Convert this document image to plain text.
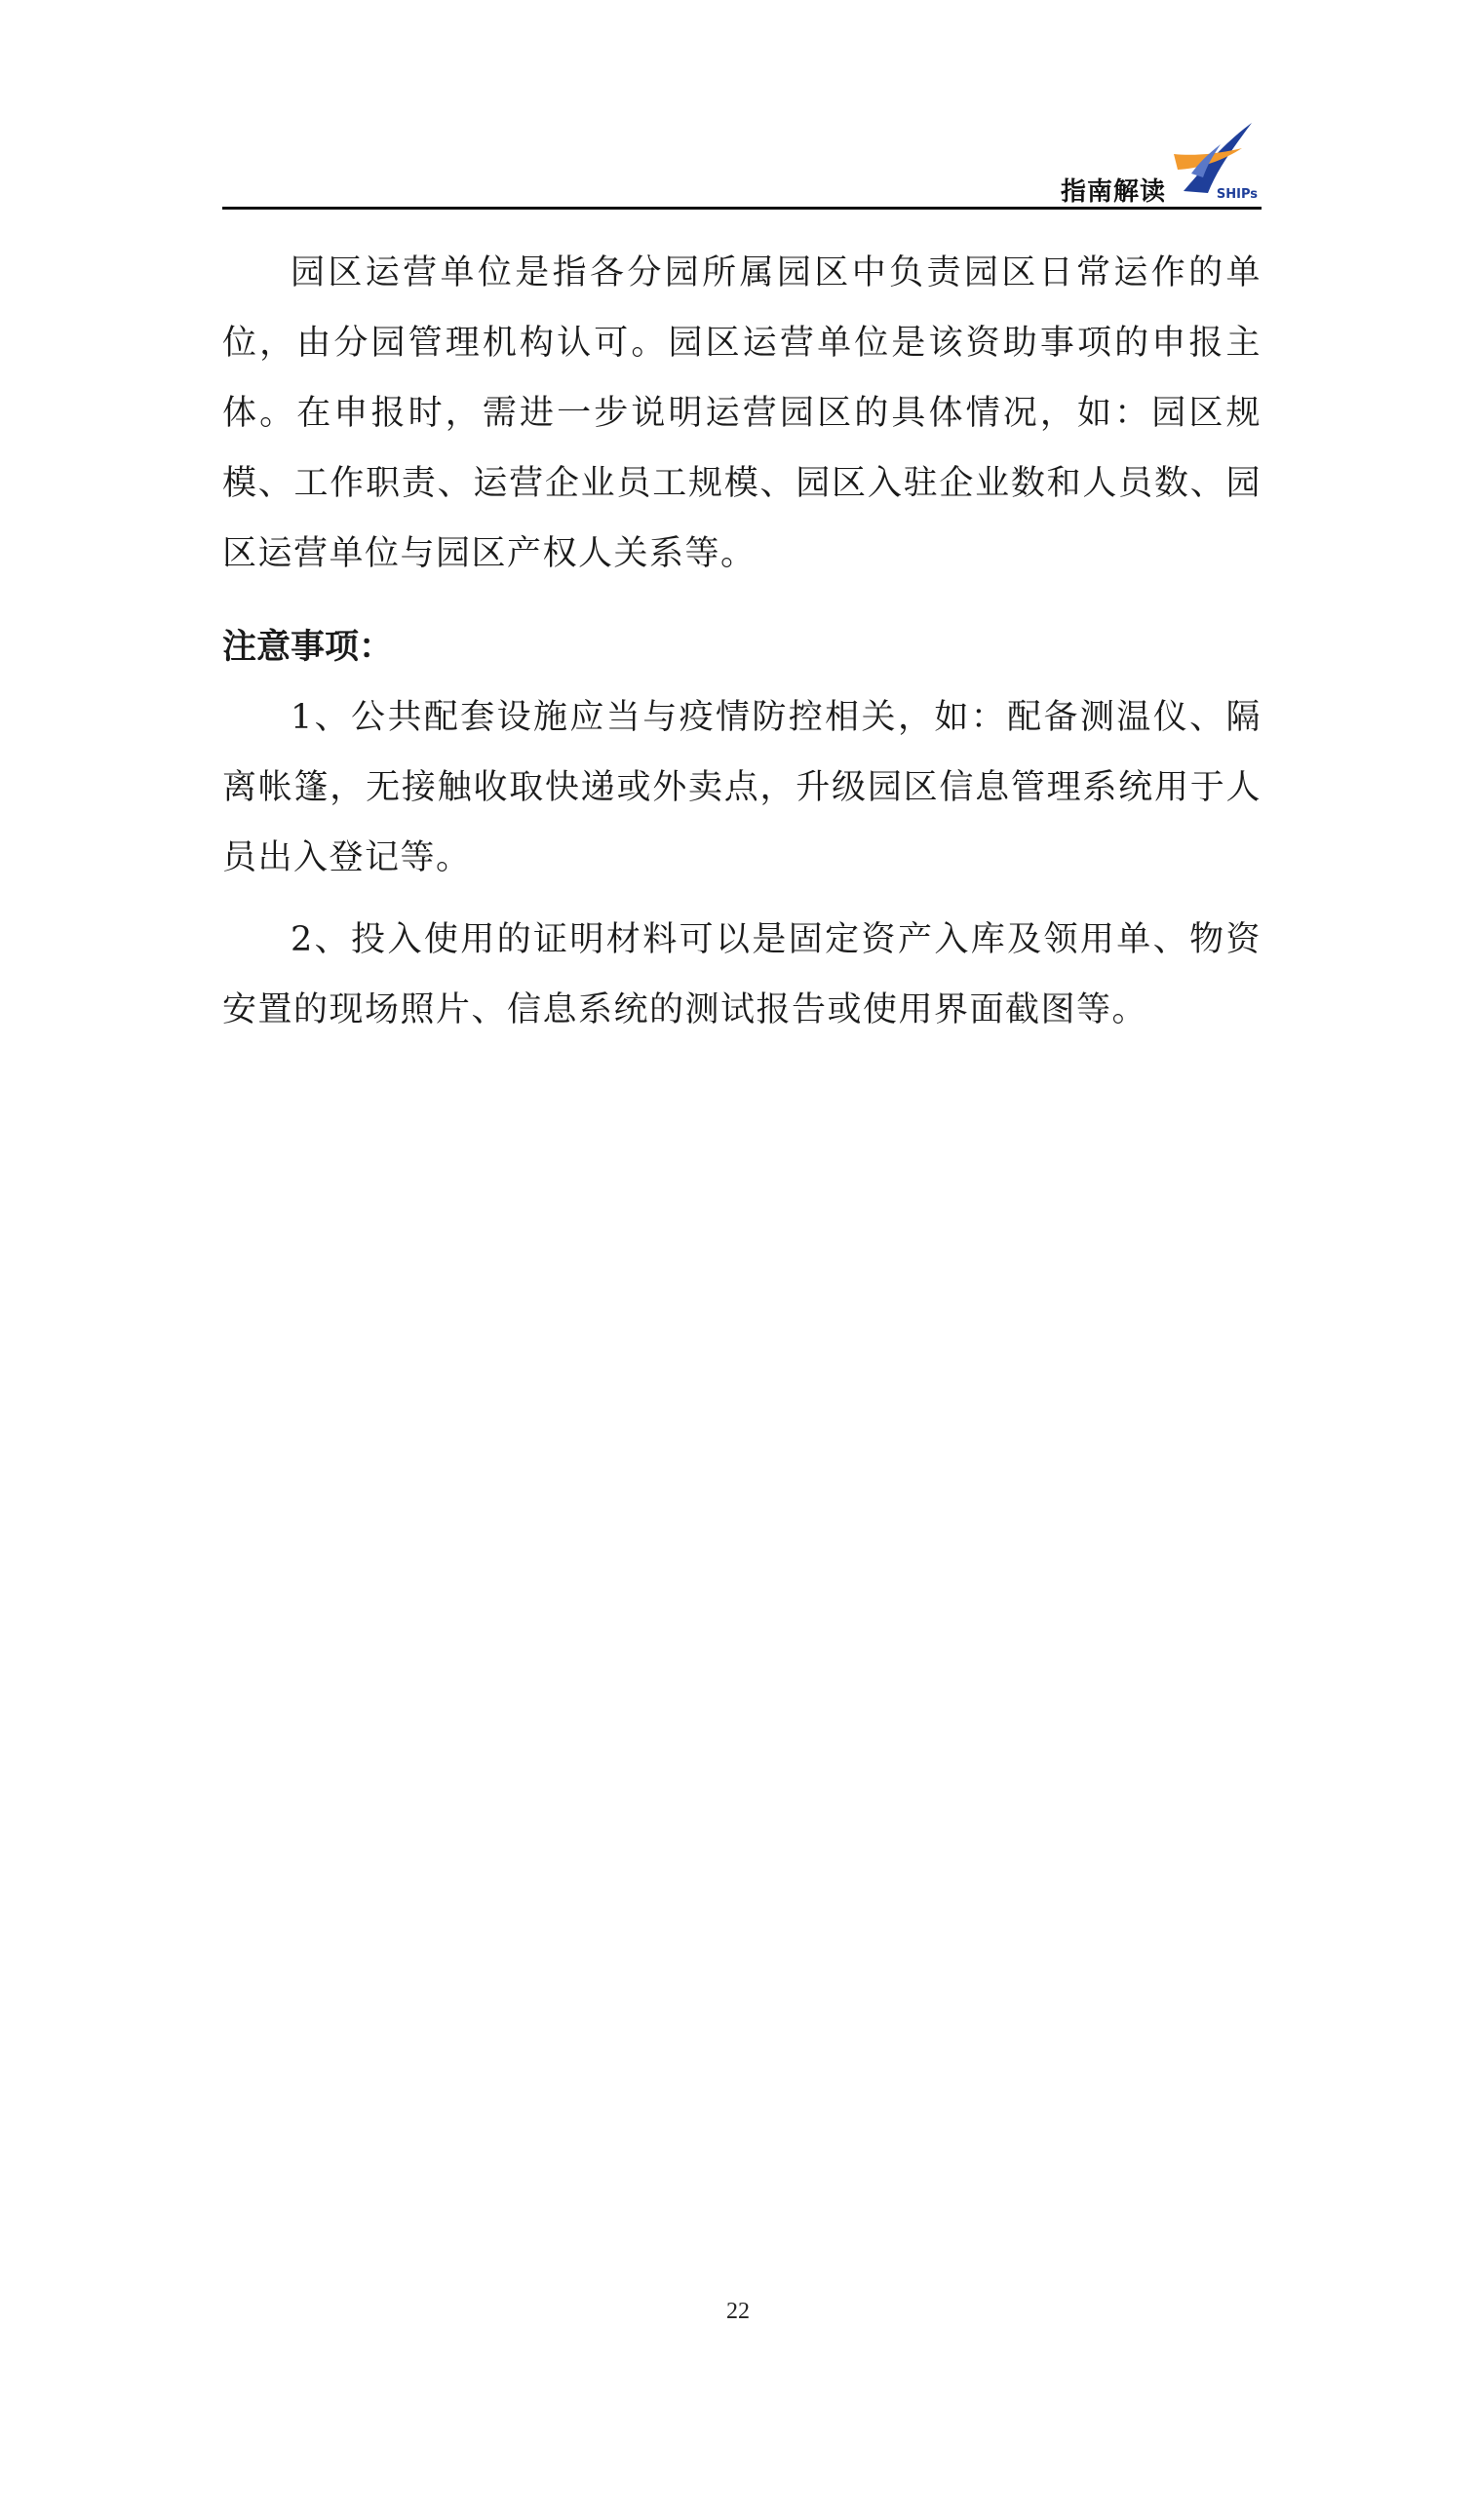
指南解读	SHIPs

园区运营单位是指各分园所属园区中负责园区日常运作的单位，由分园管理机构认可。园区运营单位是该资助事项的申报主体。在申报时，需进一步说明运营园区的具体情况，如：园区规模、工作职责、运营企业员工规模、园区入驻企业数和人员数、园区运营单位与园区产权人关系等。

注意事项：

1、公共配套设施应当与疫情防控相关，如：配备测温仪、隔离帐篷，无接触收取快递或外卖点，升级园区信息管理系统用于人员出入登记等。

2、投入使用的证明材料可以是固定资产入库及领用单、物资安置的现场照片、信息系统的测试报告或使用界面截图等。

22
